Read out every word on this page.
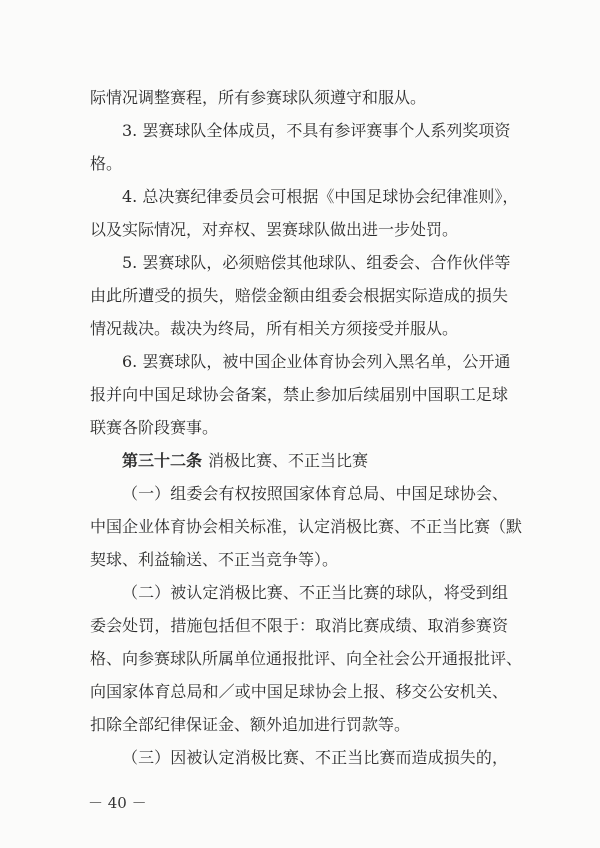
际情况调整赛程，所有参赛球队须遵守和服从。
3. 罢赛球队全体成员，不具有参评赛事个人系列奖项资
格。
4. 总决赛纪律委员会可根据《中国足球协会纪律准则》，
以及实际情况，对弃权、罢赛球队做出进一步处罚。
5. 罢赛球队，必须赔偿其他球队、组委会、合作伙伴等
由此所遭受的损失，赔偿金额由组委会根据实际造成的损失
情况裁决。裁决为终局，所有相关方须接受并服从。
6. 罢赛球队，被中国企业体育协会列入黑名单，公开通
报并向中国足球协会备案，禁止参加后续届别中国职工足球
联赛各阶段赛事。
第三十二条 消极比赛、不正当比赛
（一）组委会有权按照国家体育总局、中国足球协会、
中国企业体育协会相关标准，认定消极比赛、不正当比赛（默
契球、利益输送、不正当竞争等）。
（二）被认定消极比赛、不正当比赛的球队，将受到组
委会处罚，措施包括但不限于：取消比赛成绩、取消参赛资
格、向参赛球队所属单位通报批评、向全社会公开通报批评、
向国家体育总局和／或中国足球协会上报、移交公安机关、
扣除全部纪律保证金、额外追加进行罚款等。
（三）因被认定消极比赛、不正当比赛而造成损失的，
－ 40 －
